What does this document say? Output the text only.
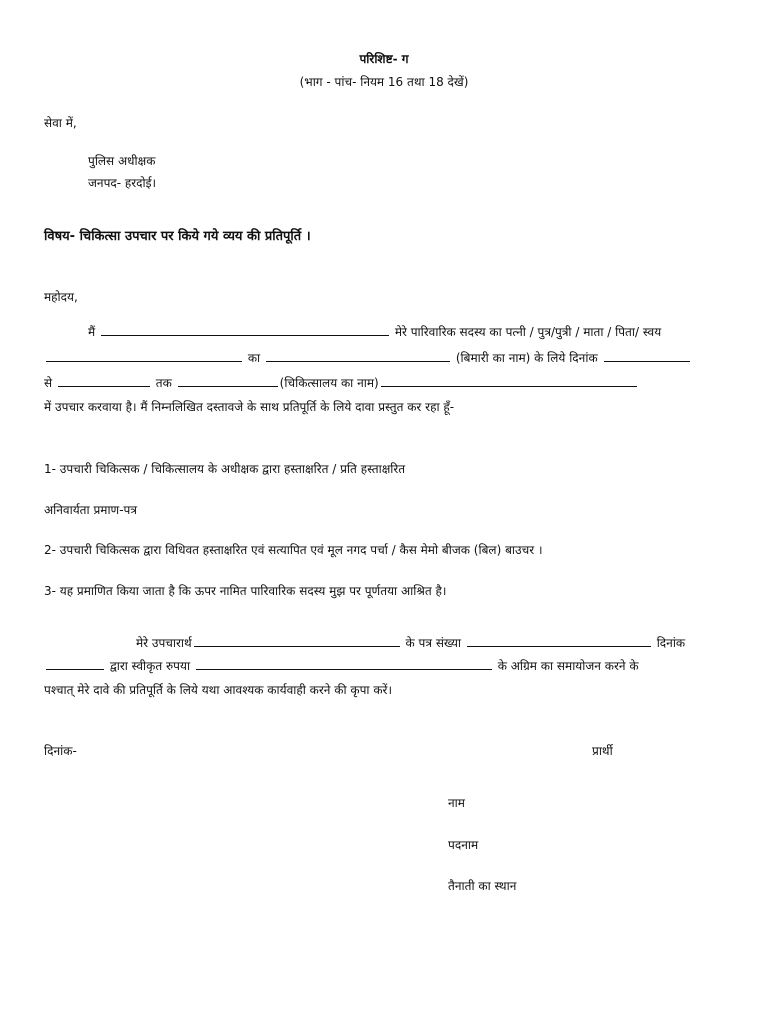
परिशिष्ट- ग
(भाग - पांच- नियम 16 तथा 18 देखें)
सेवा में,
पुलिस अधीक्षक
जनपद- हरदोई।
विषय- चिकित्सा उपचार पर किये गये व्यय की प्रतिपूर्ति ।
महोदय,
मैं	मेरे पारिवारिक सदस्य का पत्नी / पुत्र/पुत्री / माता / पिता/ स्वय
का	(बिमारी का नाम) के लिये दिनांक
से	तक	(चिकित्सालय का नाम)
में उपचार करवाया है। मैं निम्नलिखित दस्तावजे के साथ प्रतिपूर्ति के लिये दावा प्रस्तुत कर रहा हूँ-
1- उपचारी चिकित्सक / चिकित्सालय के अधीक्षक द्वारा हस्ताक्षरित / प्रति हस्ताक्षरित
अनिवार्यता प्रमाण-पत्र
2- उपचारी चिकित्सक द्वारा विधिवत हस्ताक्षरित एवं सत्यापित एवं मूल नगद पर्चा / कैस मेमो बीजक (बिल) बाउचर ।
3- यह प्रमाणित किया जाता है कि ऊपर नामित पारिवारिक सदस्य मुझ पर पूर्णतया आश्रित है।
मेरे उपचारार्थ	के पत्र संख्या	दिनांक
द्वारा स्वीकृत रुपया	के अग्रिम का समायोजन करने के
पश्चात् मेरे दावे की प्रतिपूर्ति के लिये यथा आवश्यक कार्यवाही करने की कृपा करें।
दिनांक-	प्रार्थी
नाम
पदनाम
तैनाती का स्थान
